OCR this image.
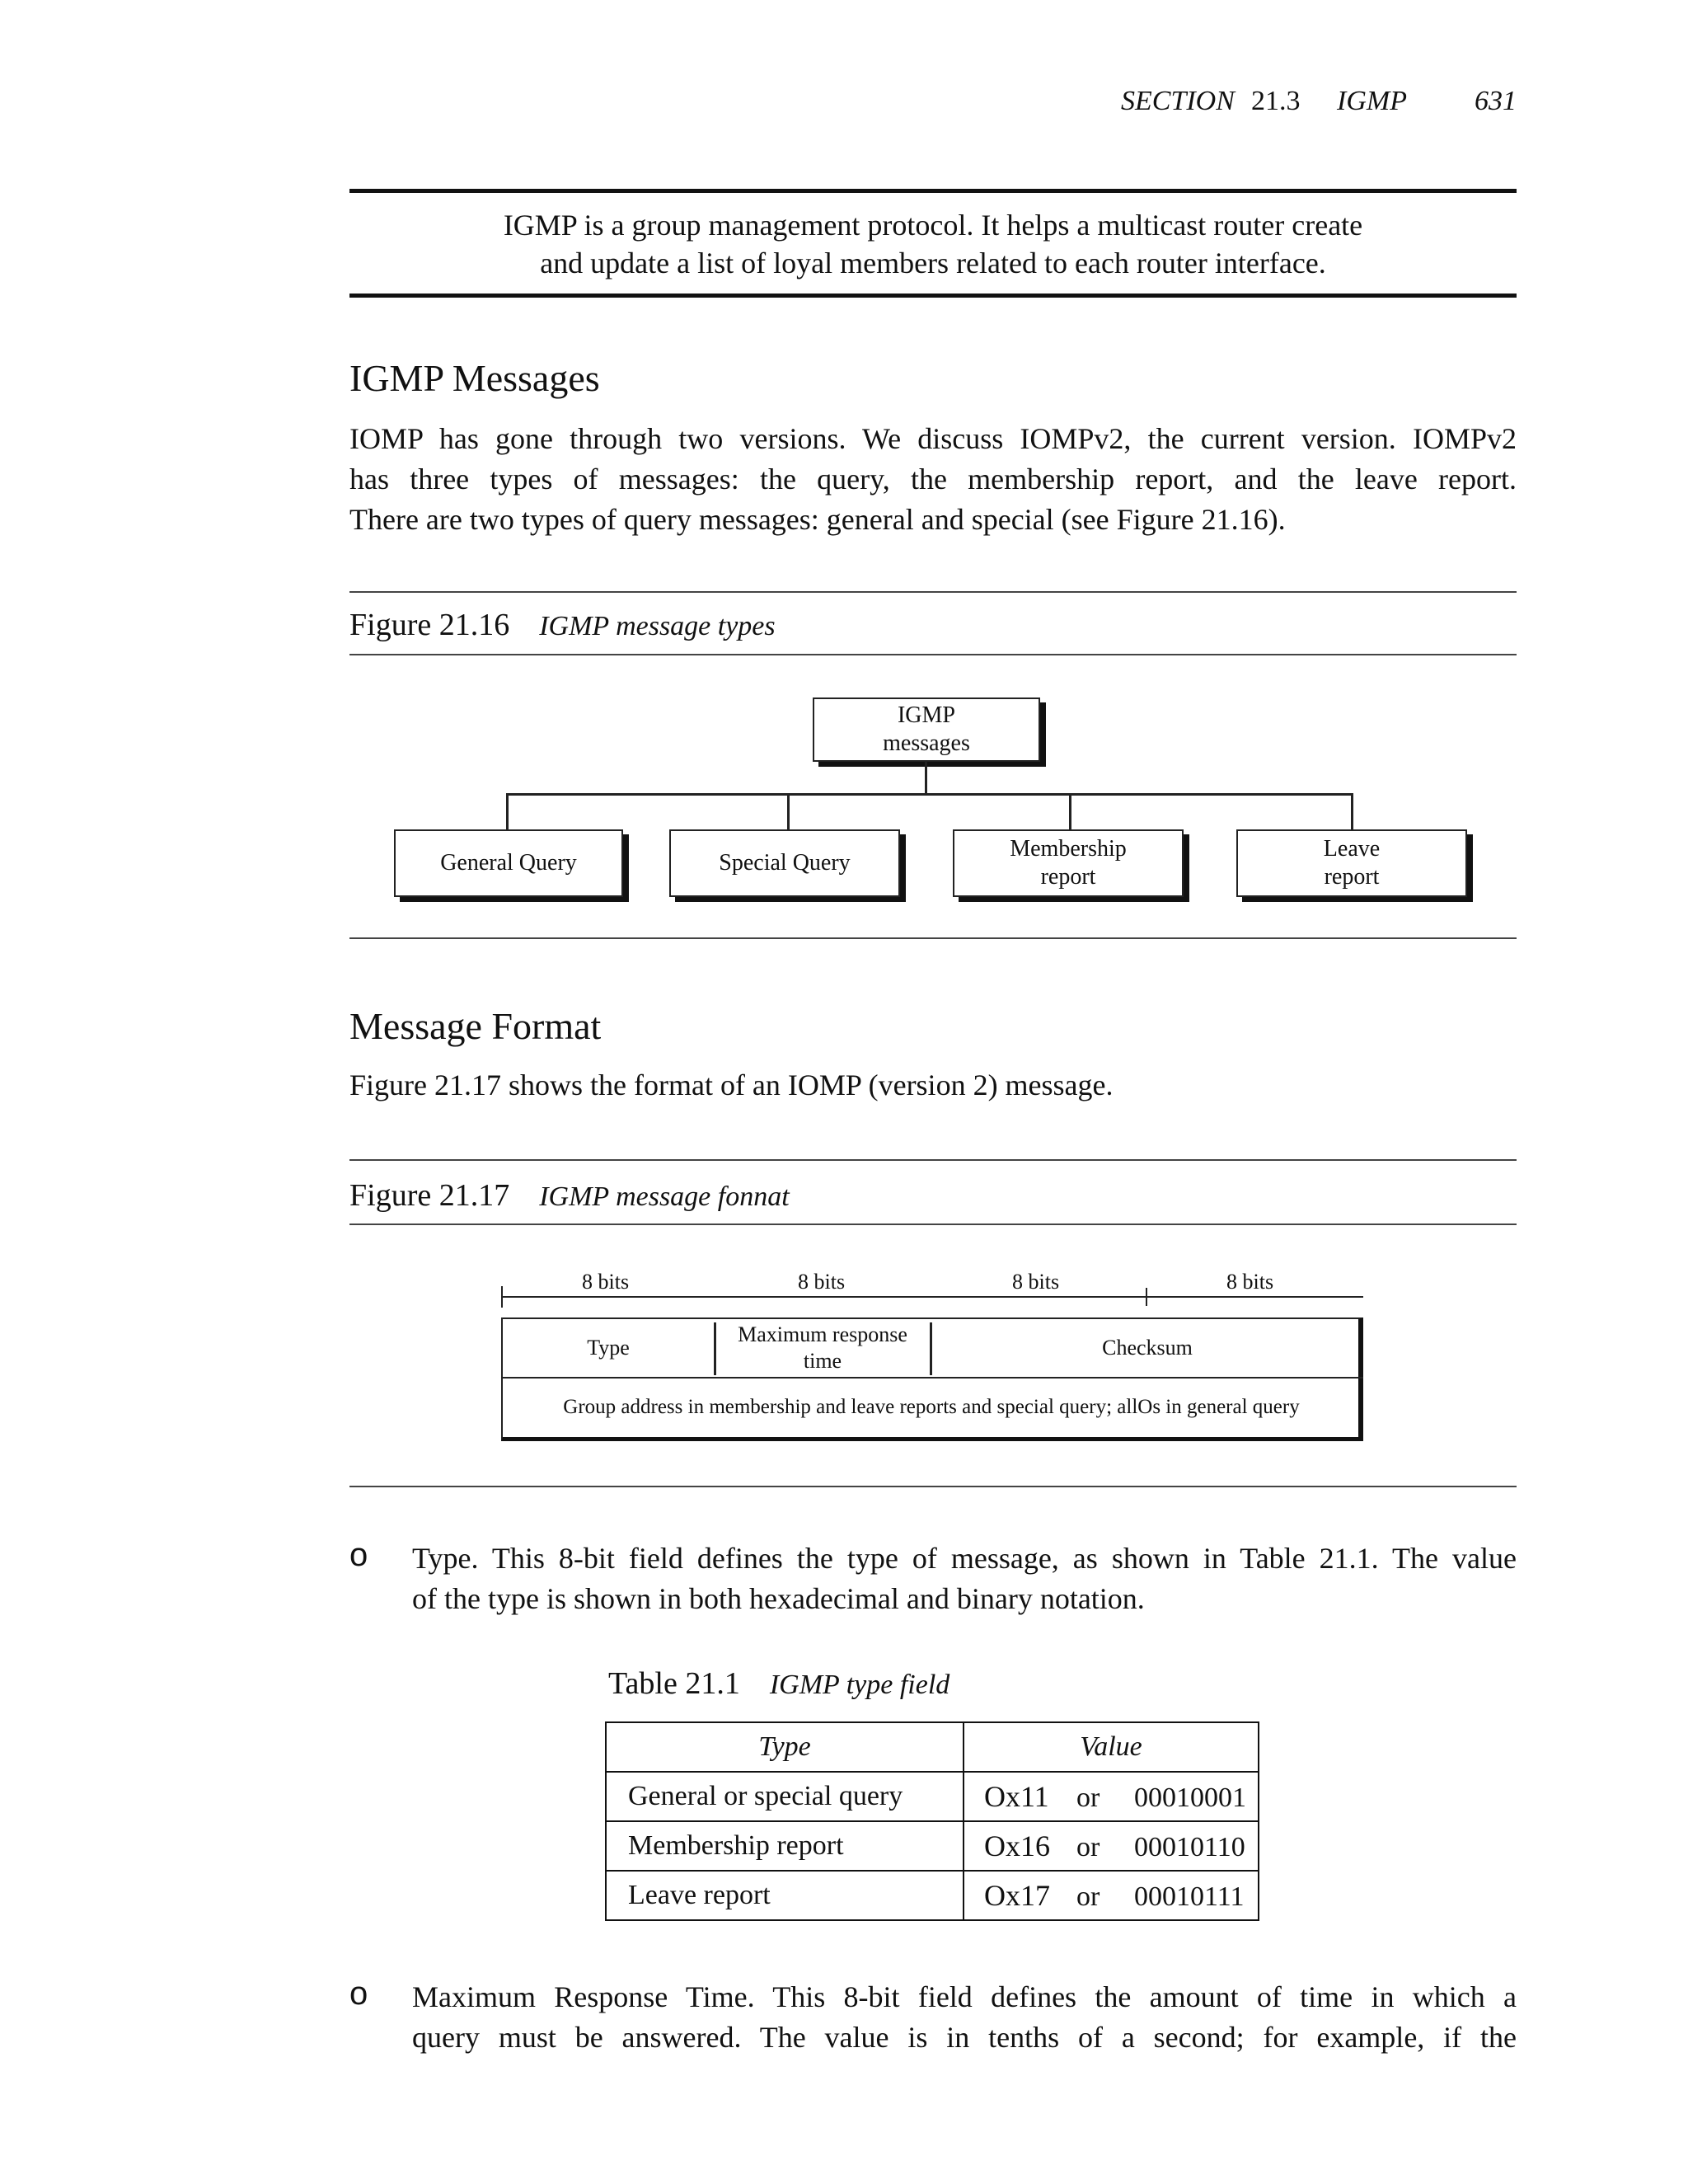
SECTION 21.3 IGMP 631
IGMP is a group management protocol. It helps a multicast router create
and update a list of loyal members related to each router interface.
IGMP Messages
IOMP has gone through two versions. We discuss IOMPv2, the current version. IOMPv2
has three types of messages: the query, the membership report, and the leave report.
There are two types of query messages: general and special (see Figure 21.16).
Figure 21.16 IGMP message types
IGMP
messages
General Query	Special Query
Membership
report
Leave
report
Message Format
Figure 21.17 shows the format of an IOMP (version 2) message.
Figure 21.17 IGMP message fonnat
8 bits	8 bits	8 bits	8 bits
Type
Maximum response
time
Checksum
Group address in membership and leave reports and special query; allOs in general query
o Type. This 8-bit field defines the type of message, as shown in Table 21.1. The value
of the type is shown in both hexadecimal and binary notation.
Table 21.1 IGMP type field
Type	Value
General or special query	Ox11 or 00010001
Membership report	Ox16 or 00010110
Leave report	Ox17 or 00010111
o Maximum Response Time. This 8-bit field defines the amount of time in which a
query must be answered. The value is in tenths of a second; for example, if the
